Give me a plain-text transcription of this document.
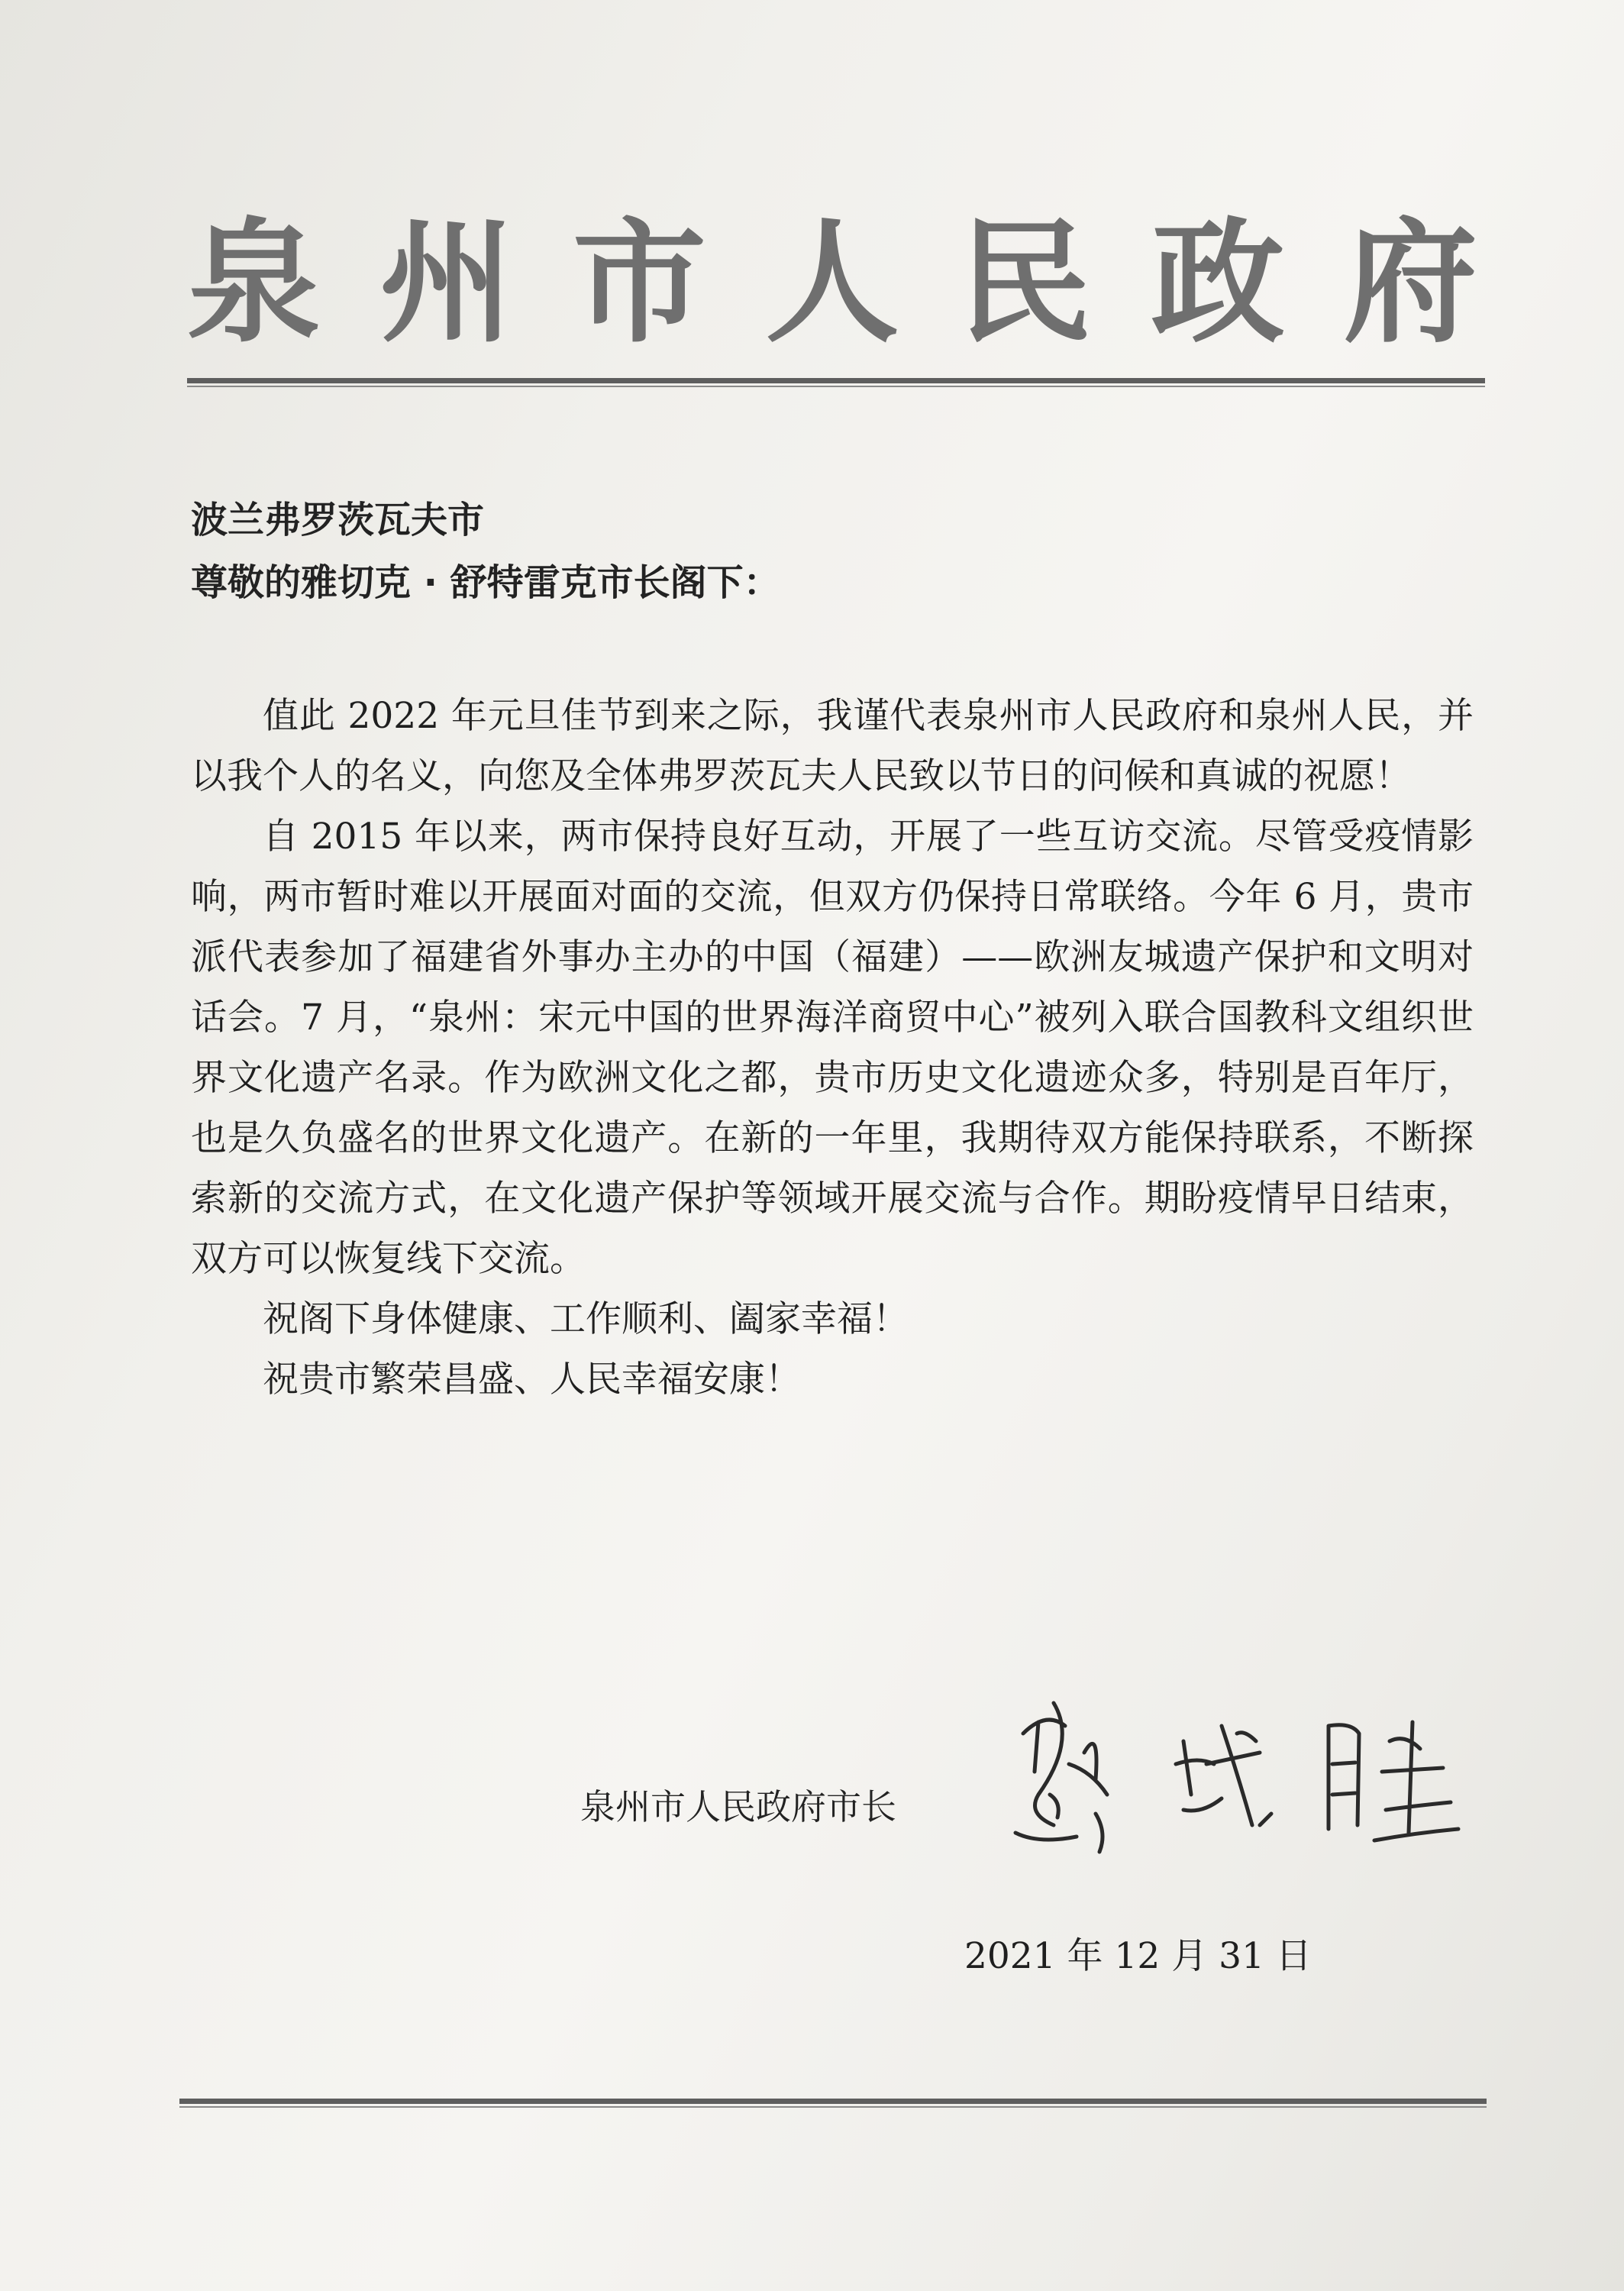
泉 州 市 人 民 政 府
波兰弗罗茨瓦夫市
尊敬的雅切克 · 舒特雷克市长阁下：

值此 2022 年元旦佳节到来之际，我谨代表泉州市人民政府和泉州人民，并以我个人的名义，向您及全体弗罗茨瓦夫人民致以节日的问候和真诚的祝愿！

自 2015 年以来，两市保持良好互动，开展了一些互访交流。尽管受疫情影响，两市暂时难以开展面对面的交流，但双方仍保持日常联络。今年 6 月，贵市派代表参加了福建省外事办主办的中国（福建）——欧洲友城遗产保护和文明对话会。7 月，“泉州：宋元中国的世界海洋商贸中心”被列入联合国教科文组织世界文化遗产名录。作为欧洲文化之都，贵市历史文化遗迹众多，特别是百年厅，也是久负盛名的世界文化遗产。在新的一年里，我期待双方能保持联系，不断探索新的交流方式，在文化遗产保护等领域开展交流与合作。期盼疫情早日结束，双方可以恢复线下交流。

祝阁下身体健康、工作顺利、阖家幸福！

祝贵市繁荣昌盛、人民幸福安康！

泉州市人民政府市长
2021 年 12 月 31 日
